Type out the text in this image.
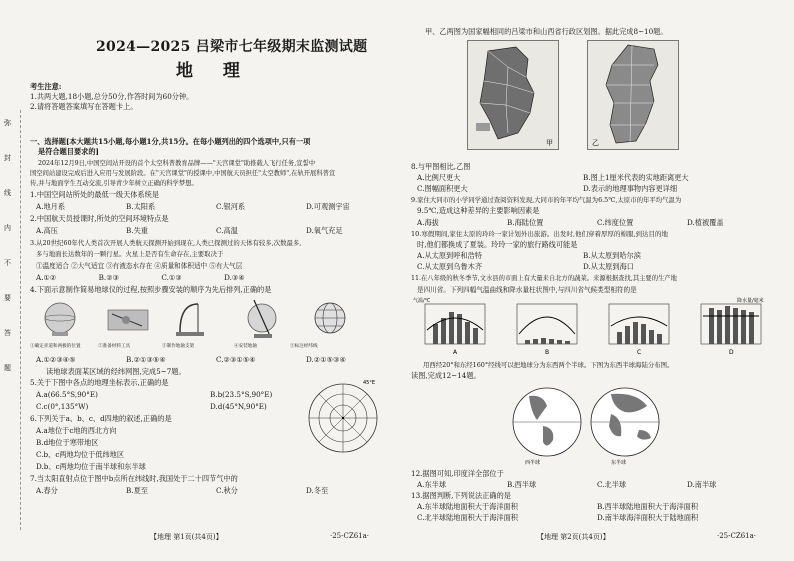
弥
封
线
内
不
要
答
题
2024—2025 吕梁市七年级期末监测试题
地 理
考生注意:
1.共两大题,18小题,总分50分,作答时间为60分钟。
2.请将答题答案填写在答题卡上。
一、选择题[本大题共15小题,每小题1分,共15分。在每小题列出的四个选项中,只有一项
是符合题目要求的]
2024年12月9日,中国空间站开设的首个太空科普教育品牌——"天宫课堂"助推载人飞行任务,宣誓中
国空间站建设完成后进入应用与发展阶段。在"天宫课堂"的授课中,中国航天员担任"太空教师",在轨开展科普宣
传,并与地面学生互动交流,引导青少年树立正确的科学梦想。
1.中国空间站所处的最低一级天体系统是
A.地月系	B.太阳系	C.银河系	D.可观测宇宙
2.中国航天员授课时,所处的空间环境特点是
A.高压	B.失重	C.高温	D.氧气充足
3.从20世纪60年代人类首次开展人类航天探测开始到现在,人类已探测过的天体有较多,次数最多,
多与地面长达数年的一颗行星。火星上是否有生命存在,主要取决于
①温度适合 ②大气适宜 ③有液态水存在 ④质量和体积适中 ⑤有大气层
A.①② B.②③ C.①③ D.③④
4.下面示意制作简易地球仪的过程,按照步骤安装的顺序为先后排列,正确的是
①确定赤道和两极的位置	②准备材料工具	③制作地轴支架	④安装地轴	⑤标注经纬线
A.①②③④⑤	B.②①③⑤④	C.②③①⑤④	D.②①⑤③④
读地球表面某区域的经纬网图,完成5~7题。
45°E
5.关于下图中各点的地理坐标表示,正确的是
A.a(66.5°S,90°E)	B.b(23.5°S,90°E)
C.c(0°,135°W)	D.d(45°N,90°E)
6.下列关于a、b、c、d四地的叙述,正确的是
A.a地位于c地的西北方向
B.d地位于寒带地区
C.b、c两地均位于低纬地区
D.b、c两地均位于南半球和东半球
7.当太阳直射点位于图中b点所在纬线时,我国处于二十四节气中的
A.春分	B.夏至	C.秋分	D.冬至
【地理 第1页(共4页)】	·25-CZ61a·
甲、乙两图为国家幅相同的吕梁市和山西省行政区划图。据此完成8~10题。
甲	乙
8.与甲图相比,乙图
A.比例尺更大	B.图上1厘米代表的实地距离更大
C.图幅面积更大	D.表示的地理事物内容更详细
9.家住大同市的小学同学通过查阅资料发现,大同市的年平均气温为6.5℃,太原市的年平均气温为
9.5℃,造成这种差异的主要影响因素是
A.海拔	B.海陆位置	C.纬度位置	D.植被覆盖
10.寒假期间,家住太原的玲玲一家计划外出旅游。出发时,他们穿着厚厚的棉服,到达目的地
时,他们都换成了夏装。玲玲一家的旅行路线可能是
A.从太原到呼和浩特	B.从太原到哈尔滨
C.从太原到乌鲁木齐	D.从太原到海口
11.在八年级的秋冬季节,文水县的市面上有大量来自北方的蔬菜。来源根据查找,其主要的生产地
是四川省。下列四幅气温曲线和降水量柱状图中,与四川省气候类型相符的是
气温/℃	降水量/毫米
A	B	C	D
用西经20°和东经160°经线可以把地球分为东西两个半球。下图为东西半球海陆分布图。
读图,完成12~14题。
西半球	东半球
12.据图可知,印度洋全部位于
A.东半球	B.西半球	C.北半球	D.南半球
13.据图判断,下列说法正确的是
A.东半球陆地面积大于海洋面积	B.西半球陆地面积大于海洋面积
C.北半球陆地面积大于海洋面积	D.南半球海洋面积大于陆地面积
【地理 第2页(共4页)】	·25-CZ61a·
